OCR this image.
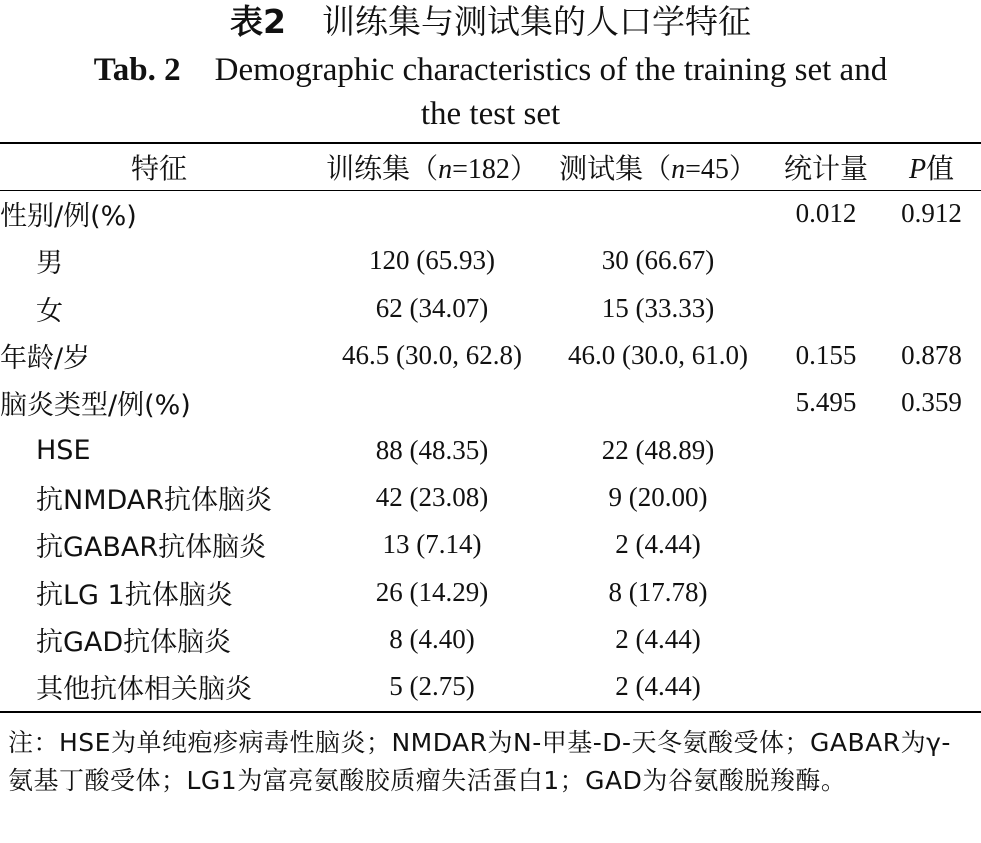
表2 训练集与测试集的人口学特征
Tab. 2 Demographic characteristics of the training set and
the test set
特征	训练集（n=182）	测试集（n=45）	统计量	P值
性别/例(%)			0.012	0.912
男	120 (65.93)	30 (66.67)		
女	62 (34.07)	15 (33.33)		
年龄/岁	46.5 (30.0, 62.8)	46.0 (30.0, 61.0)	0.155	0.878
脑炎类型/例(%)			5.495	0.359
HSE	88 (48.35)	22 (48.89)		
抗NMDAR抗体脑炎	42 (23.08)	9 (20.00)		
抗GABAR抗体脑炎	13 (7.14)	2 (4.44)		
抗LG 1抗体脑炎	26 (14.29)	8 (17.78)		
抗GAD抗体脑炎	8 (4.40)	2 (4.44)		
其他抗体相关脑炎	5 (2.75)	2 (4.44)		
注：HSE为单纯疱疹病毒性脑炎；NMDAR为N-甲基-D-天冬氨酸受体；GABAR为γ-氨基丁酸受体；LG1为富亮氨酸胶质瘤失活蛋白1；GAD为谷氨酸脱羧酶。
